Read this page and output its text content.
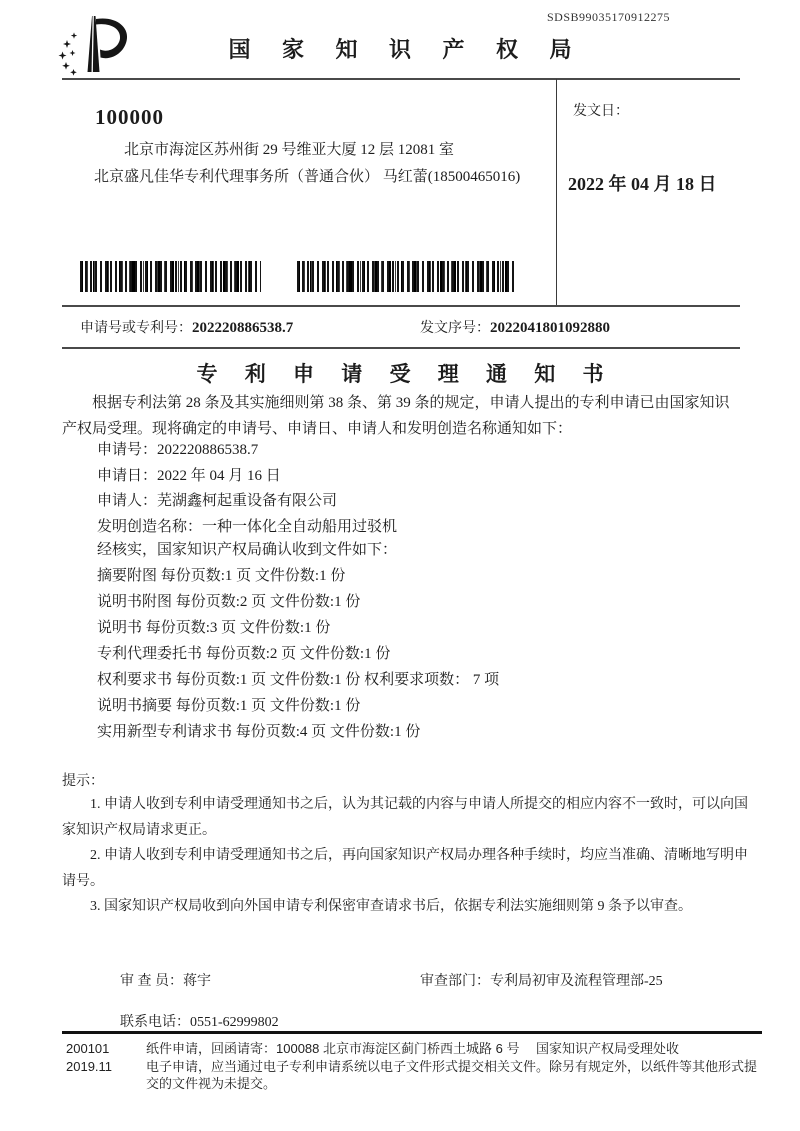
SDSB99035170912275
国 家 知 识 产 权 局
100000
北京市海淀区苏州街 29 号维亚大厦 12 层 12081 室
北京盛凡佳华专利代理事务所（普通合伙） 马红蕾(18500465016)
发文日：
2022 年 04 月 18 日
申请号或专利号：202220886538.7	发文序号：2022041801092880
专 利 申 请 受 理 通 知 书
根据专利法第 28 条及其实施细则第 38 条、第 39 条的规定，申请人提出的专利申请已由国家知识产权局受理。现将确定的申请号、申请日、申请人和发明创造名称通知如下：
申请号：202220886538.7
申请日：2022 年 04 月 16 日
申请人：芜湖鑫柯起重设备有限公司
发明创造名称：一种一体化全自动船用过驳机
经核实，国家知识产权局确认收到文件如下：
摘要附图 每份页数:1 页 文件份数:1 份
说明书附图 每份页数:2 页 文件份数:1 份
说明书 每份页数:3 页 文件份数:1 份
专利代理委托书 每份页数:2 页 文件份数:1 份
权利要求书 每份页数:1 页 文件份数:1 份 权利要求项数： 7 项
说明书摘要 每份页数:1 页 文件份数:1 份
实用新型专利请求书 每份页数:4 页 文件份数:1 份
提示：

1. 申请人收到专利申请受理通知书之后，认为其记载的内容与申请人所提交的相应内容不一致时，可以向国家知识产权局请求更正。

2. 申请人收到专利申请受理通知书之后，再向国家知识产权局办理各种手续时，均应当准确、清晰地写明申请号。

3. 国家知识产权局收到向外国申请专利保密审查请求书后，依据专利法实施细则第 9 条予以审查。

审 查 员：蒋宇	审查部门：专利局初审及流程管理部-25
联系电话：0551-62999802
200101	纸件申请，回函请寄：100088 北京市海淀区蓟门桥西土城路 6 号　 国家知识产权局受理处收
2019.11	电子申请，应当通过电子专利申请系统以电子文件形式提交相关文件。除另有规定外，以纸件等其他形式提交的文件视为未提交。
